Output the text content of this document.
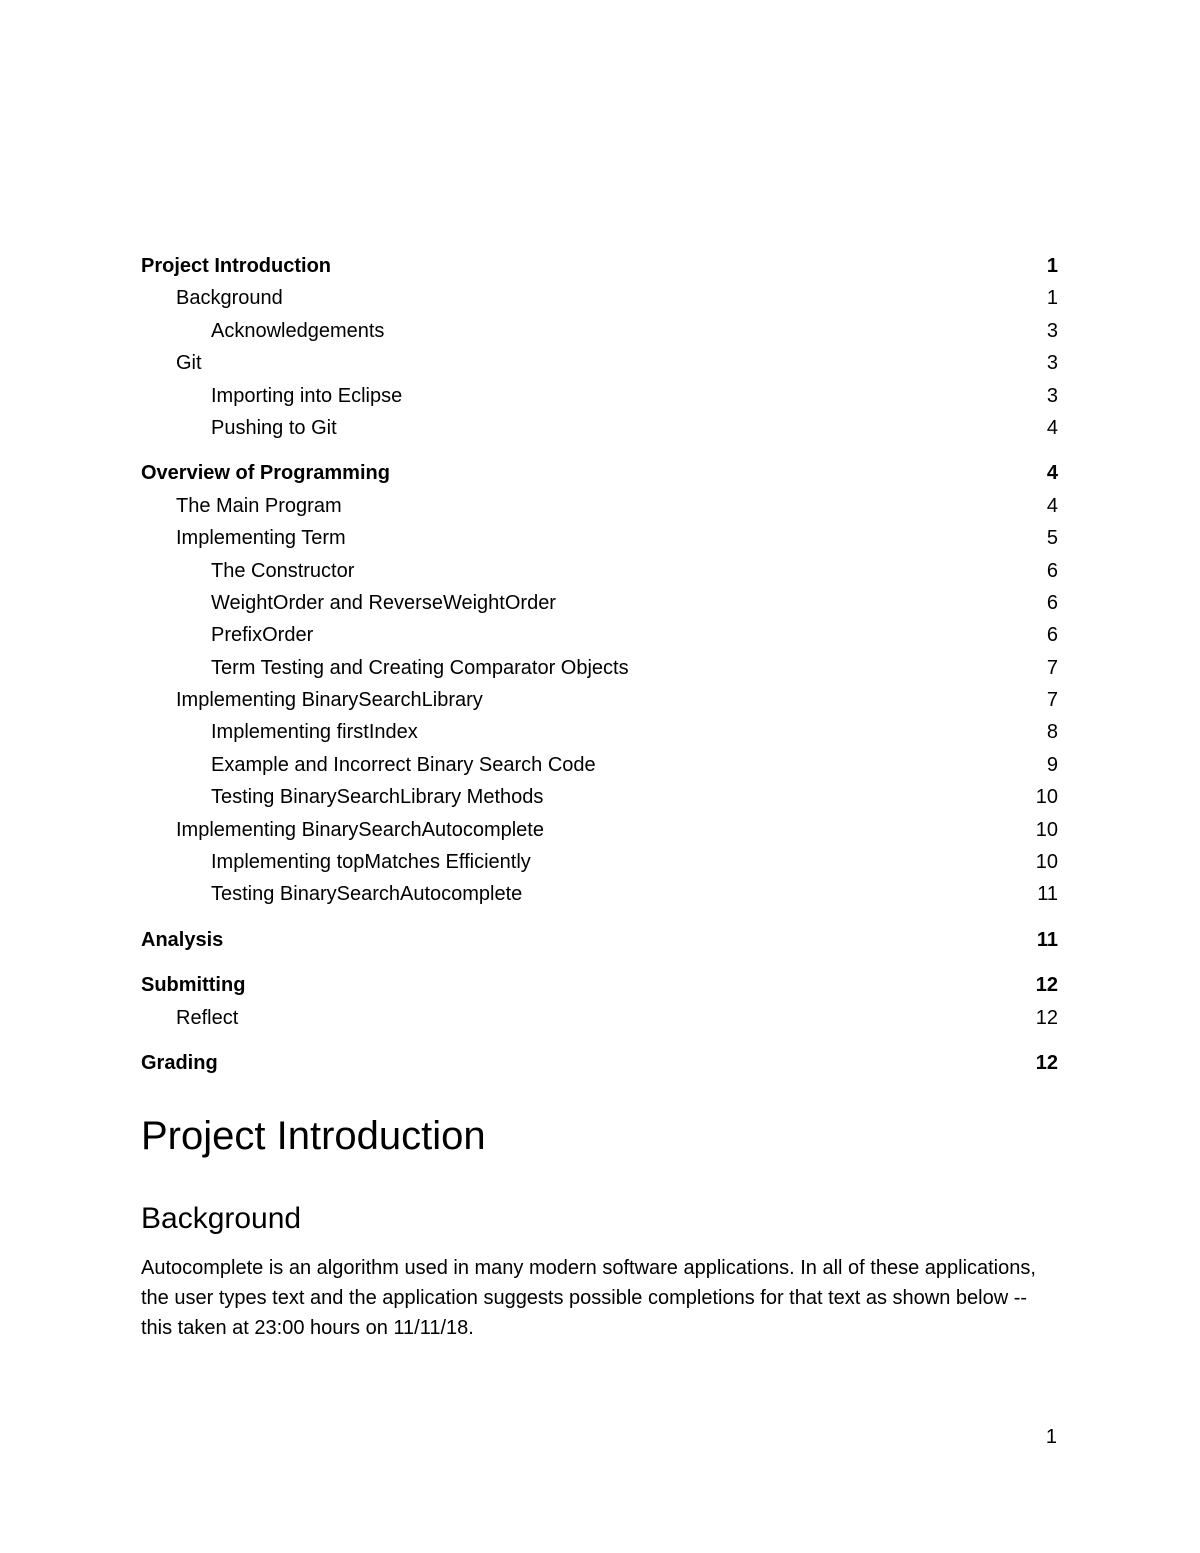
Project Introduction	1
Background	1
Acknowledgements	3
Git	3
Importing into Eclipse	3
Pushing to Git	4
Overview of Programming	4
The Main Program	4
Implementing Term	5
The Constructor	6
WeightOrder and ReverseWeightOrder	6
PrefixOrder	6
Term Testing and Creating Comparator Objects	7
Implementing BinarySearchLibrary	7
Implementing firstIndex	8
Example and Incorrect Binary Search Code	9
Testing BinarySearchLibrary Methods	10
Implementing BinarySearchAutocomplete	10
Implementing topMatches Efficiently	10
Testing BinarySearchAutocomplete	11
Analysis	11
Submitting	12
Reflect	12
Grading	12
Project Introduction
Background

Autocomplete is an algorithm used in many modern software applications. In all of these applications, the user types text and the application suggests possible completions for that text as shown below -- this taken at 23:00 hours on 11/11/18.

1
